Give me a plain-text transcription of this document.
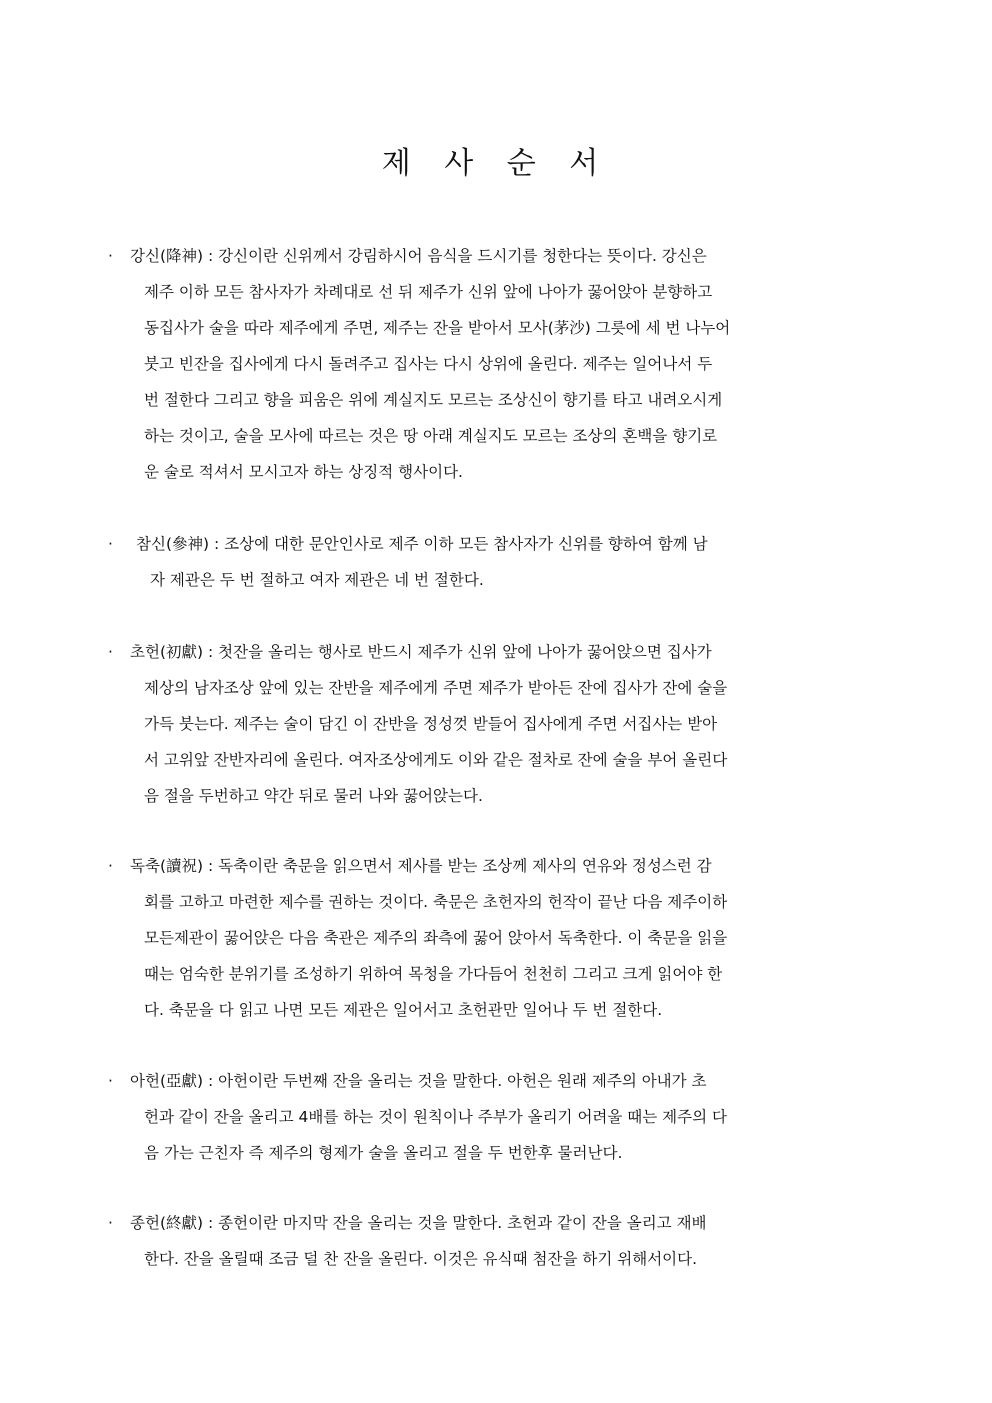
제 사 순 서
· 강신(降神) : 강신이란 신위께서 강림하시어 음식을 드시기를 청한다는 뜻이다. 강신은
제주 이하 모든 참사자가 차례대로 선 뒤 제주가 신위 앞에 나아가 꿇어앉아 분향하고
동집사가 술을 따라 제주에게 주면, 제주는 잔을 받아서 모사(茅沙) 그릇에 세 번 나누어
붓고 빈잔을 집사에게 다시 돌려주고 집사는 다시 상위에 올린다. 제주는 일어나서 두
번 절한다 그리고 향을 피움은 위에 계실지도 모르는 조상신이 향기를 타고 내려오시게
하는 것이고, 술을 모사에 따르는 것은 땅 아래 계실지도 모르는 조상의 혼백을 향기로
운 술로 적셔서 모시고자 하는 상징적 행사이다.
· 참신(參神) : 조상에 대한 문안인사로 제주 이하 모든 참사자가 신위를 향하여 함께 남
자 제관은 두 번 절하고 여자 제관은 네 번 절한다.
· 초헌(初獻) : 첫잔을 올리는 행사로 반드시 제주가 신위 앞에 나아가 꿇어앉으면 집사가
제상의 남자조상 앞에 있는 잔반을 제주에게 주면 제주가 받아든 잔에 집사가 잔에 술을
가득 붓는다. 제주는 술이 담긴 이 잔반을 정성껏 받들어 집사에게 주면 서집사는 받아
서 고위앞 잔반자리에 올린다. 여자조상에게도 이와 같은 절차로 잔에 술을 부어 올린다
음 절을 두번하고 약간 뒤로 물러 나와 꿇어앉는다.
· 독축(讀祝) : 독축이란 축문을 읽으면서 제사를 받는 조상께 제사의 연유와 정성스런 감
회를 고하고 마련한 제수를 권하는 것이다. 축문은 초헌자의 헌작이 끝난 다음 제주이하
모든제관이 꿇어앉은 다음 축관은 제주의 좌측에 꿇어 앉아서 독축한다. 이 축문을 읽을
때는 엄숙한 분위기를 조성하기 위하여 목청을 가다듬어 천천히 그리고 크게 읽어야 한
다. 축문을 다 읽고 나면 모든 제관은 일어서고 초헌관만 일어나 두 번 절한다.
· 아헌(亞獻) : 아헌이란 두번째 잔을 올리는 것을 말한다. 아헌은 원래 제주의 아내가 초
헌과 같이 잔을 올리고 4배를 하는 것이 원칙이나 주부가 올리기 어려울 때는 제주의 다
음 가는 근친자 즉 제주의 형제가 술을 올리고 절을 두 번한후 물러난다.
· 종헌(終獻) : 종헌이란 마지막 잔을 올리는 것을 말한다. 초헌과 같이 잔을 올리고 재배
한다. 잔을 올릴때 조금 덜 찬 잔을 올린다. 이것은 유식때 첨잔을 하기 위해서이다.
